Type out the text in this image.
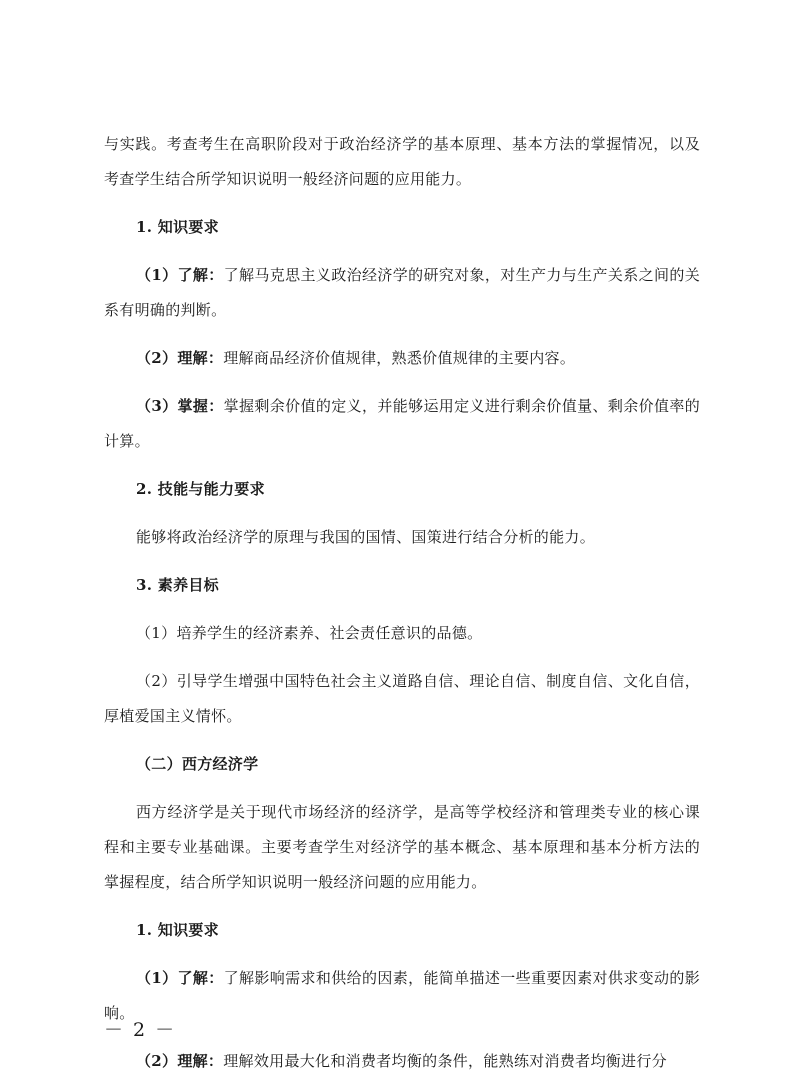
与实践。考查考生在高职阶段对于政治经济学的基本原理、基本方法的掌握情况，以及考查学生结合所学知识说明一般经济问题的应用能力。

1. 知识要求

（1）了解：了解马克思主义政治经济学的研究对象，对生产力与生产关系之间的关系有明确的判断。

（2）理解：理解商品经济价值规律，熟悉价值规律的主要内容。

（3）掌握：掌握剩余价值的定义，并能够运用定义进行剩余价值量、剩余价值率的计算。

2. 技能与能力要求

能够将政治经济学的原理与我国的国情、国策进行结合分析的能力。

3. 素养目标

（1）培养学生的经济素养、社会责任意识的品德。

（2）引导学生增强中国特色社会主义道路自信、理论自信、制度自信、文化自信，厚植爱国主义情怀。

（二）西方经济学

西方经济学是关于现代市场经济的经济学，是高等学校经济和管理类专业的核心课程和主要专业基础课。主要考查学生对经济学的基本概念、基本原理和基本分析方法的掌握程度，结合所学知识说明一般经济问题的应用能力。

1. 知识要求

（1）了解：了解影响需求和供给的因素，能简单描述一些重要因素对供求变动的影响。

（2）理解：理解效用最大化和消费者均衡的条件，能熟练对消费者均衡进行分

－ 2 －
